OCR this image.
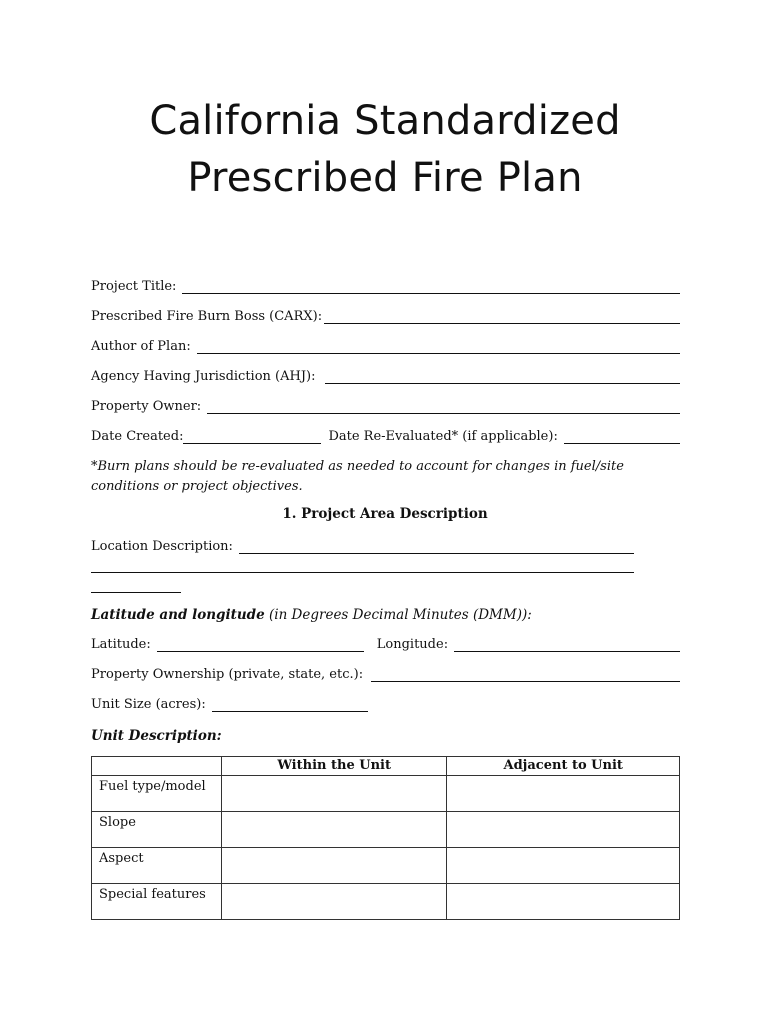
California Standardized
Prescribed Fire Plan
Project Title:
Prescribed Fire Burn Boss (CARX):
Author of Plan:
Agency Having Jurisdiction (AHJ):
Property Owner:
Date Created:	Date Re-Evaluated* (if applicable):
*Burn plans should be re-evaluated as needed to account for changes in fuel/site conditions or project objectives.
1. Project Area Description
Location Description:
Latitude and longitude (in Degrees Decimal Minutes (DMM)):
Latitude:	Longitude:
Property Ownership (private, state, etc.):
Unit Size (acres):
Unit Description:
	Within the Unit	Adjacent to Unit
Fuel type/model		
Slope		
Aspect		
Special features		
